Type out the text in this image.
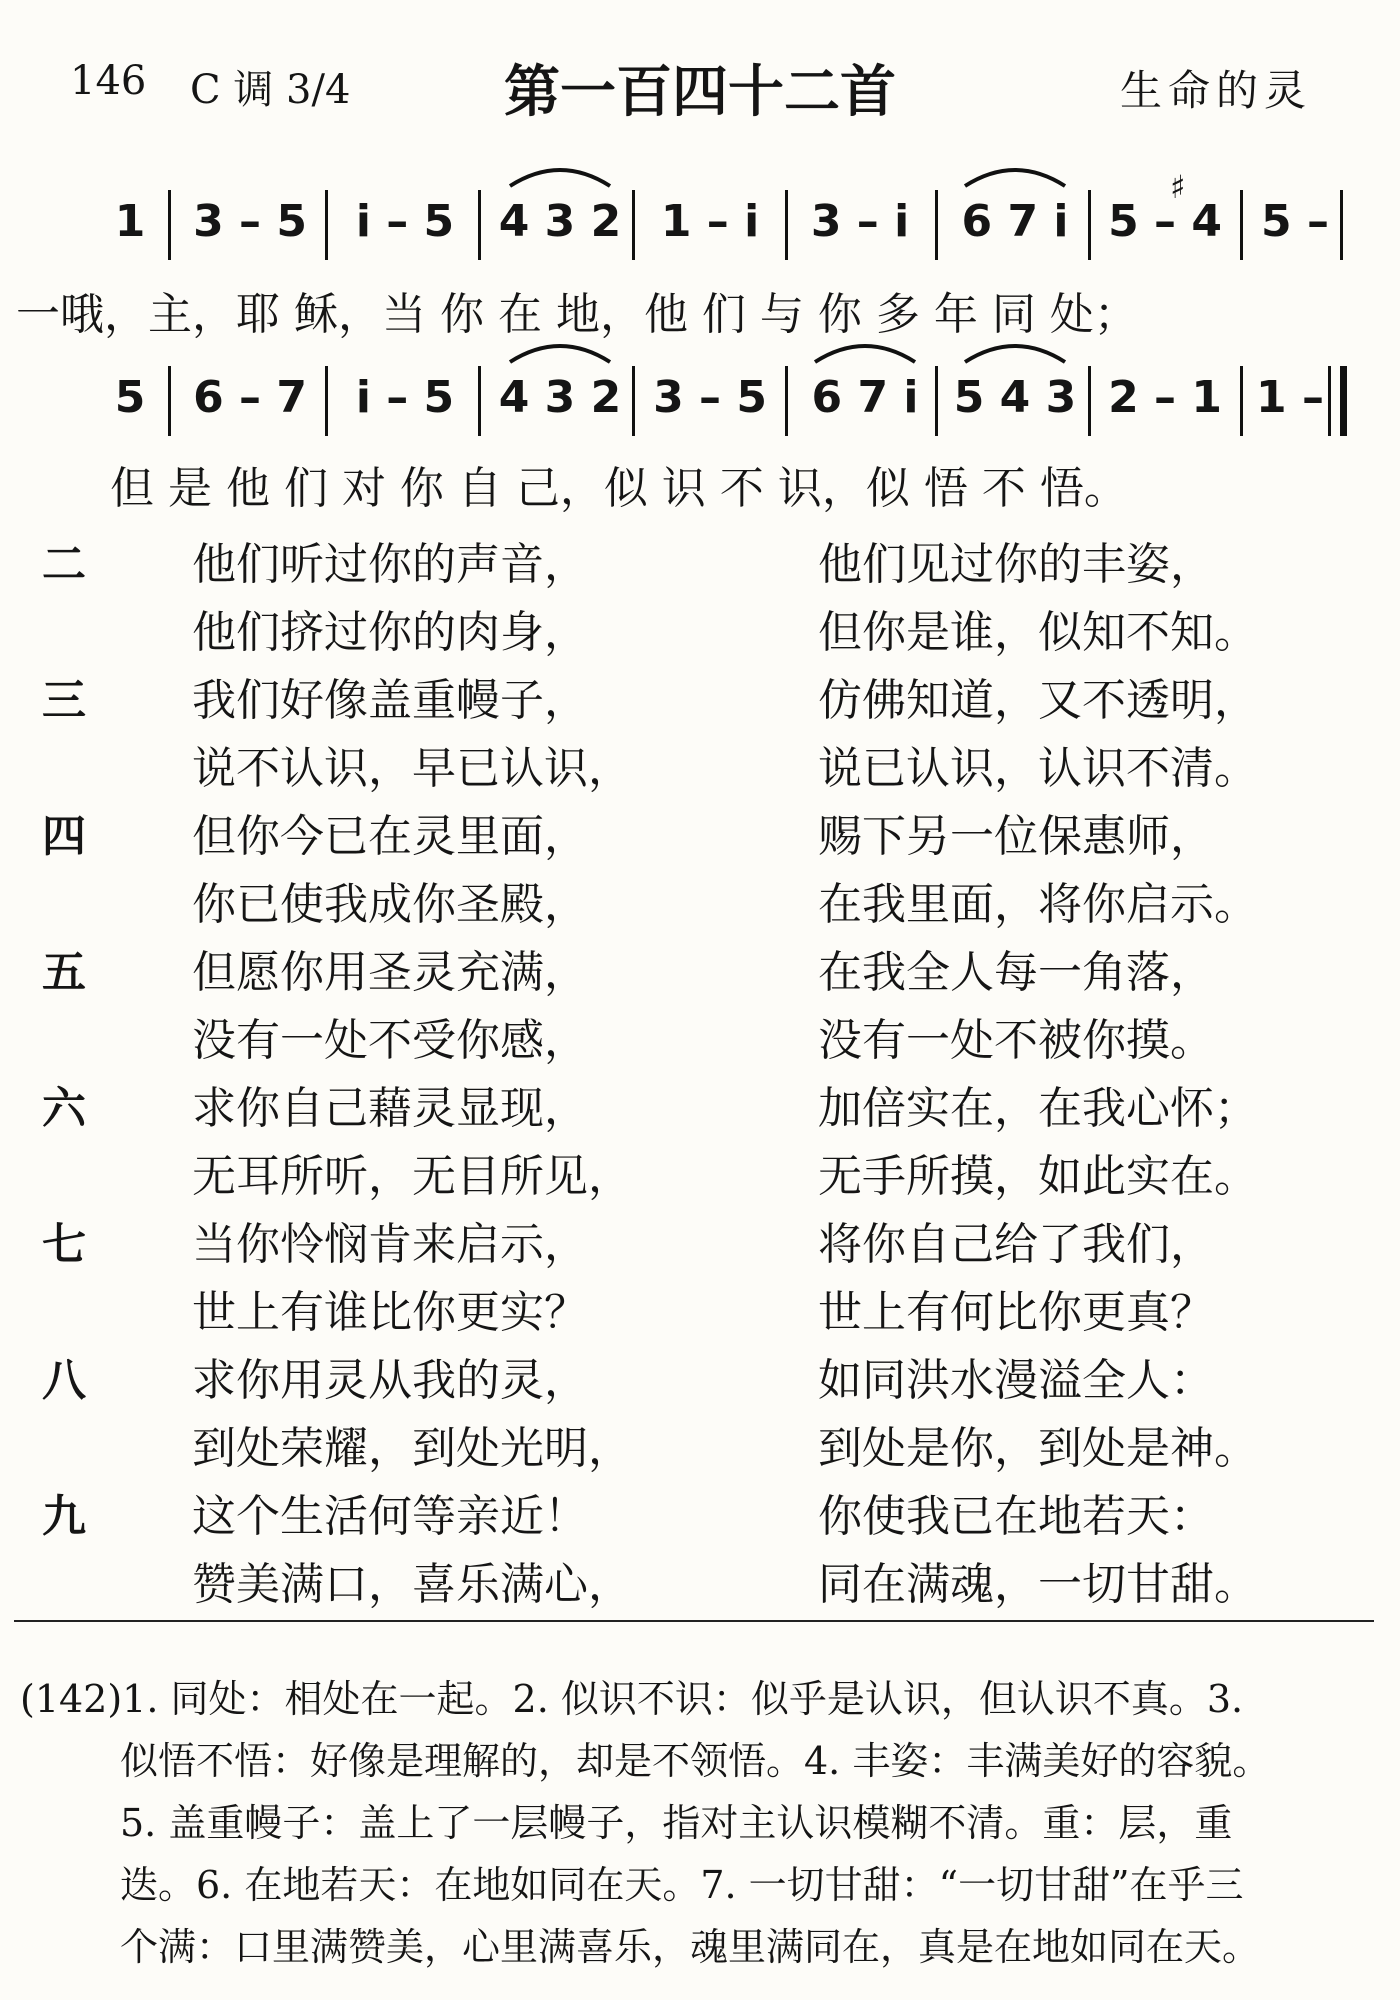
146 C 调 3/4	第一百四十二首	生命的灵
1 3 – 5 i – 5 4 3 2 1 – i 3 – i 6 7 i 5 – 4 5 –
♯
一哦，主，耶 稣，当 你 在 地，他 们 与 你 多 年 同 处；
5 6 – 7 i – 5 4 3 2 3 – 5 6 7 i 5 4 3 2 – 1 1 –
但 是 他 们 对 你 自 己，似 识 不 识，似 悟 不 悟。
二 他们听过你的声音，	他们见过你的丰姿，
他们挤过你的肉身，	但你是谁，似知不知。
三 我们好像盖重幔子，	仿佛知道，又不透明，
说不认识，早已认识，	说已认识，认识不清。
四 但你今已在灵里面，	赐下另一位保惠师，
你已使我成你圣殿，	在我里面，将你启示。
五 但愿你用圣灵充满，	在我全人每一角落，
没有一处不受你感，	没有一处不被你摸。
六 求你自己藉灵显现，	加倍实在，在我心怀；
无耳所听，无目所见，	无手所摸，如此实在。
七 当你怜悯肯来启示，	将你自己给了我们，
世上有谁比你更实？	世上有何比你更真？
八 求你用灵从我的灵，	如同洪水漫溢全人：
到处荣耀，到处光明，	到处是你，到处是神。
九 这个生活何等亲近！	你使我已在地若天：
赞美满口，喜乐满心，	同在满魂，一切甘甜。
(142)1. 同处：相处在一起。2. 似识不识：似乎是认识，但认识不真。3.
似悟不悟：好像是理解的，却是不领悟。4. 丰姿：丰满美好的容貌。
5. 盖重幔子：盖上了一层幔子，指对主认识模糊不清。重：层，重
迭。6. 在地若天：在地如同在天。7. 一切甘甜：“一切甘甜”在乎三
个满：口里满赞美，心里满喜乐，魂里满同在，真是在地如同在天。
